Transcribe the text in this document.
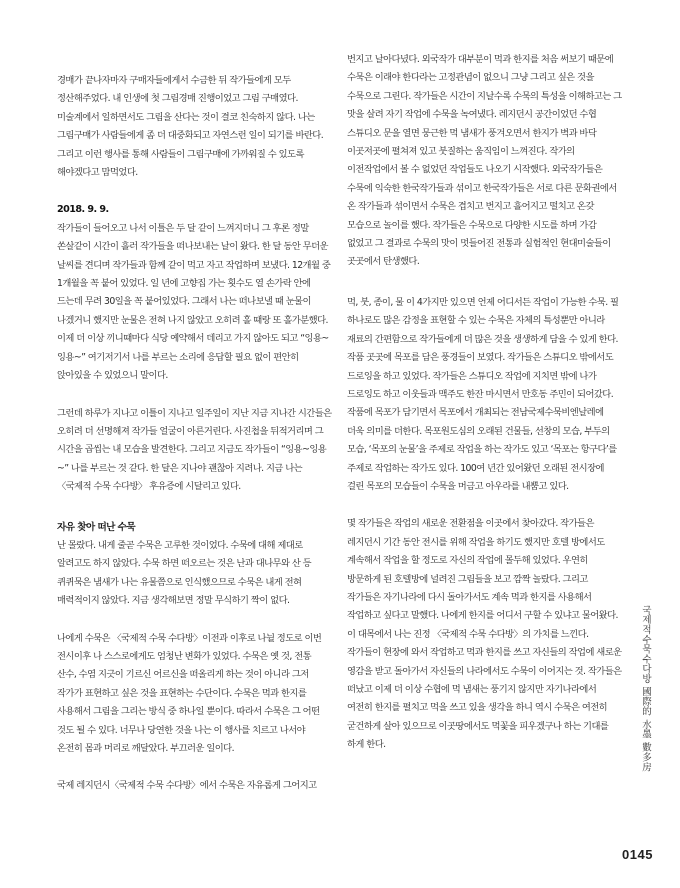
경매가 끝나자마자 구매자들에게서 수금한 뒤 작가들에게 모두 정산해주었다. 내 인생에 첫 그림경매 진행이었고 그림 구매였다. 미술계에서 일하면서도 그림을 산다는 것이 결코 친숙하지 않다. 나는 그림구매가 사람들에게 좀 더 대중화되고 자연스런 일이 되기를 바란다. 그리고 이런 행사를 통해 사람들이 그림구매에 가까워질 수 있도록 해야겠다고 맘먹었다.

2018. 9. 9.

작가들이 들어오고 나서 이틀은 두 달 같이 느껴지더니 그 후론 정말 쏜살같이 시간이 흘러 작가들을 떠나보내는 날이 왔다. 한 달 동안 무더운 날씨를 견디며 작가들과 함께 같이 먹고 자고 작업하며 보냈다. 12개월 중 1개월을 꼭 붙어 있었다. 일 년에 고향집 가는 횟수도 열 손가락 안에 드는데 무려 30일을 꼭 붙어있었다. 그래서 나는 떠나보낼 때 눈물이 나겠거니 했지만 눈물은 전혀 나지 않았고 오히려 홀 때랑 또 홀가분했다. 이제 더 이상 끼니때마다 식당 예약해서 데리고 가지 않아도 되고 “잉용~ 잉용~” 여기저기서 나를 부르는 소리에 응답할 필요 없이 편안히 앉아있을 수 있었으니 말이다.

그런데 하루가 지나고 이틀이 지나고 일주일이 지난 지금 지나간 시간들은 오히려 더 선명해져 작가들 얼굴이 아른거린다. 사진첩을 뒤적거리며 그 시간을 곱씹는 내 모습을 발견한다. 그리고 지금도 작가들이 “잉용~잉용~” 나를 부르는 것 같다. 한 달은 지나야 괜찮아 지려나. 지금 나는 〈국제적 수묵 수다방〉 후유증에 시달리고 있다.

자유 찾아 떠난 수묵

난 몰랐다. 내게 줄곧 수묵은 고루한 것이었다. 수묵에 대해 제대로 알려고도 하지 않았다. 수묵 하면 떠오르는 것은 난과 대나무와 산 등 퀴퀴묵은 냄새가 나는 유물쯤으로 인식했으므로 수묵은 내게 전혀 매력적이지 않았다. 지금 생각해보면 정말 무식하기 짝이 없다.

나에게 수묵은 〈국제적 수묵 수다방〉이전과 이후로 나뉠 정도로 이번 전시이후 나 스스로에게도 엄청난 변화가 있었다. 수묵은 옛 것, 전통 산수, 수염 지긋이 기르신 어르신을 떠올리게 하는 것이 아니라 그저 작가가 표현하고 싶은 것을 표현하는 수단이다. 수묵은 먹과 한지를 사용해서 그림을 그리는 방식 중 하나일 뿐이다. 따라서 수묵은 그 어떤 것도 될 수 있다. 너무나 당연한 것을 나는 이 행사를 치르고 나서야 온전히 몸과 머리로 깨달았다. 부끄러운 일이다.

국제 레지던시〈국제적 수묵 수다방〉에서 수묵은 자유롭게 그어지고

번지고 날아다녔다. 외국작가 대부분이 먹과 한지를 처음 써보기 때문에 수묵은 이래야 한다라는 고정관념이 없으니 그냥 그리고 싶은 것을 수묵으로 그린다. 작가들은 시간이 지날수록 수묵의 특성을 이해하고는 그 맛을 살려 자기 작업에 수묵을 녹여냈다. 레지던시 공간이었던 수협 스튜디오 문을 열면 뭉근한 먹 냄새가 풍겨오면서 한지가 벽과 바닥 이곳저곳에 펼쳐져 있고 붓질하는 움직임이 느껴진다. 작가의 이전작업에서 볼 수 없었던 작업들도 나오기 시작했다. 외국작가들은 수묵에 익숙한 한국작가들과 섞이고 한국작가들은 서로 다른 문화권에서 온 작가들과 섞이면서 수묵은 겹치고 번지고 흘어지고 떨치고 온갖 모습으로 놀이를 했다. 작가들은 수묵으로 다양한 시도를 하며 가감 없었고 그 결과로 수묵의 맛이 멋들어진 전통과 실험적인 현대미술들이 곳곳에서 탄생했다.

먹, 붓, 종이, 물 이 4가지만 있으면 언제 어디서든 작업이 가능한 수묵. 필 하나로도 많은 감정을 표현할 수 있는 수묵은 자체의 특성뿐만 아니라 재료의 간편함으로 작가들에게 더 많은 것을 생생하게 담을 수 있게 한다. 작품 곳곳에 목포를 담은 풍경들이 보였다. 작가들은 스튜디오 밖에서도 드로잉을 하고 있었다. 작가들은 스튜디오 작업에 지치면 밖에 나가 드로잉도 하고 이웃들과 맥주도 한잔 마시면서 만호동 주민이 되어갔다. 작품에 목포가 담기면서 목포에서 개최되는 전남국제수묵비엔날레에 더욱 의미를 더한다. 목포원도심의 오래된 건물들, 선창의 모습, 부두의 모습, ‘목포의 눈물’을 주제로 작업을 하는 작가도 있고 ‘목포는 항구다’를 주제로 작업하는 작가도 있다. 100여 년간 있어왔던 오래된 전시장에 걸린 목포의 모습들이 수묵을 머금고 아우라를 내뿜고 있다.

몇 작가들은 작업의 새로운 전환점을 이곳에서 찾아갔다. 작가들은 레지던시 기간 동안 전시를 위해 작업을 하기도 했지만 호텔 방에서도 계속해서 작업을 할 정도로 자신의 작업에 몰두해 있었다. 우연히 방문하게 된 호텔방에 널려진 그림들을 보고 깜짝 놀랐다. 그리고 작가들은 자기나라에 다시 돌아가서도 계속 먹과 한지를 사용해서 작업하고 싶다고 말했다. 나에게 한지를 어디서 구할 수 있냐고 물어왔다. 이 대목에서 나는 진정 〈국제적 수묵 수다방〉의 가치를 느낀다. 작가들이 현장에 와서 작업하고 먹과 한지를 쓰고 자신들의 작업에 새로운 영감을 받고 돌아가서 자신들의 나라에서도 수묵이 이어지는 것. 작가들은 떠났고 이제 더 이상 수협에 먹 냄새는 풍기지 않지만 자기나라에서 여전히 한지를 펼치고 먹을 쓰고 있을 생각을 하니 역시 수묵은 여전히 굳건하게 살아 있으므로 이곳땅에서도 먹꽃을 피우겠구나 하는 기대를 하게 한다.	국제적수묵수다방 國際的 水墨 數多房
0145
